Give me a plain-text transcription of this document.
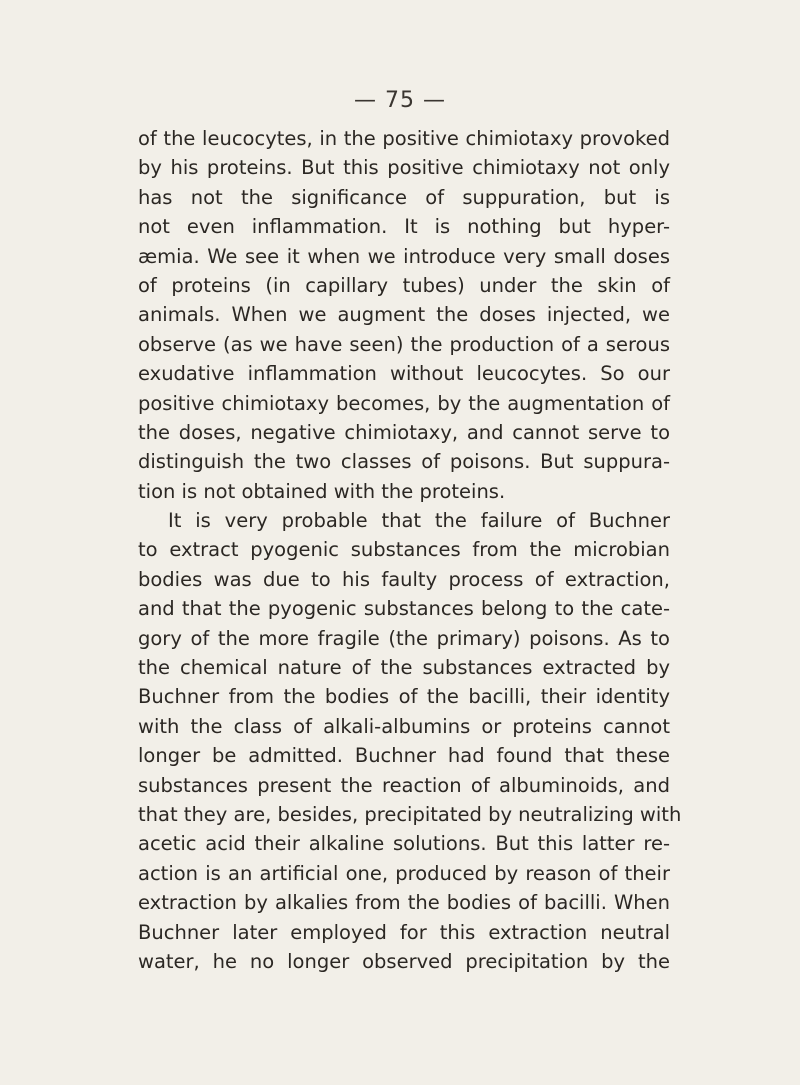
— 75 —
of the leucocytes, in the positive chimiotaxy provoked
by his proteins. But this positive chimiotaxy not only
has not the significance of suppuration, but is
not even inflammation. It is nothing but hyper-
æmia. We see it when we introduce very small doses
of proteins (in capillary tubes) under the skin of
animals. When we augment the doses injected, we
observe (as we have seen) the production of a serous
exudative inflammation without leucocytes. So our
positive chimiotaxy becomes, by the augmentation of
the doses, negative chimiotaxy, and cannot serve to
distinguish the two classes of poisons. But suppura-
tion is not obtained with the proteins.
It is very probable that the failure of Buchner
to extract pyogenic substances from the microbian
bodies was due to his faulty process of extraction,
and that the pyogenic substances belong to the cate-
gory of the more fragile (the primary) poisons. As to
the chemical nature of the substances extracted by
Buchner from the bodies of the bacilli, their identity
with the class of alkali-albumins or proteins cannot
longer be admitted. Buchner had found that these
substances present the reaction of albuminoids, and
that they are, besides, precipitated by neutralizing with
acetic acid their alkaline solutions. But this latter re-
action is an artificial one, produced by reason of their
extraction by alkalies from the bodies of bacilli. When
Buchner later employed for this extraction neutral
water, he no longer observed precipitation by the
